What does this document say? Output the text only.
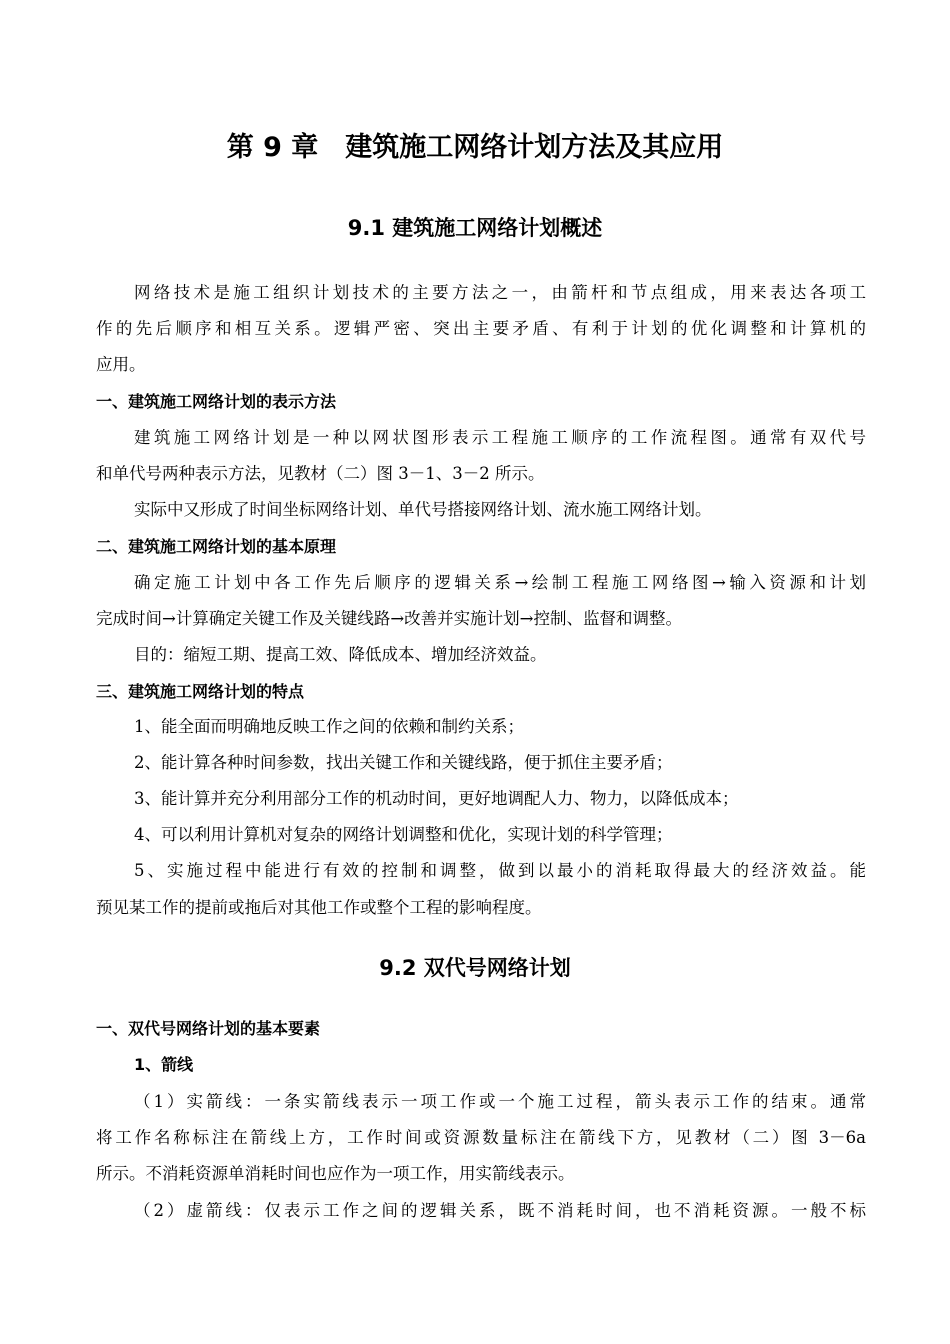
第 9 章　建筑施工网络计划方法及其应用
9.1 建筑施工网络计划概述
网络技术是施工组织计划技术的主要方法之一，由箭杆和节点组成，用来表达各项工
作的先后顺序和相互关系。逻辑严密、突出主要矛盾、有利于计划的优化调整和计算机的
应用。
一、建筑施工网络计划的表示方法
建筑施工网络计划是一种以网状图形表示工程施工顺序的工作流程图。通常有双代号
和单代号两种表示方法，见教材（二）图 3－1、3－2 所示。
实际中又形成了时间坐标网络计划、单代号搭接网络计划、流水施工网络计划。
二、建筑施工网络计划的基本原理
确定施工计划中各工作先后顺序的逻辑关系→绘制工程施工网络图→输入资源和计划
完成时间→计算确定关键工作及关键线路→改善并实施计划→控制、监督和调整。
目的：缩短工期、提高工效、降低成本、增加经济效益。
三、建筑施工网络计划的特点
1、能全面而明确地反映工作之间的依赖和制约关系；
2、能计算各种时间参数，找出关键工作和关键线路，便于抓住主要矛盾；
3、能计算并充分利用部分工作的机动时间，更好地调配人力、物力，以降低成本；
4、可以利用计算机对复杂的网络计划调整和优化，实现计划的科学管理；
5、实施过程中能进行有效的控制和调整，做到以最小的消耗取得最大的经济效益。能
预见某工作的提前或拖后对其他工作或整个工程的影响程度。
9.2 双代号网络计划
一、双代号网络计划的基本要素
1、箭线
（1）实箭线：一条实箭线表示一项工作或一个施工过程，箭头表示工作的结束。通常
将工作名称标注在箭线上方，工作时间或资源数量标注在箭线下方，见教材（二）图 3－6a
所示。不消耗资源单消耗时间也应作为一项工作，用实箭线表示。
（2）虚箭线：仅表示工作之间的逻辑关系，既不消耗时间，也不消耗资源。一般不标
